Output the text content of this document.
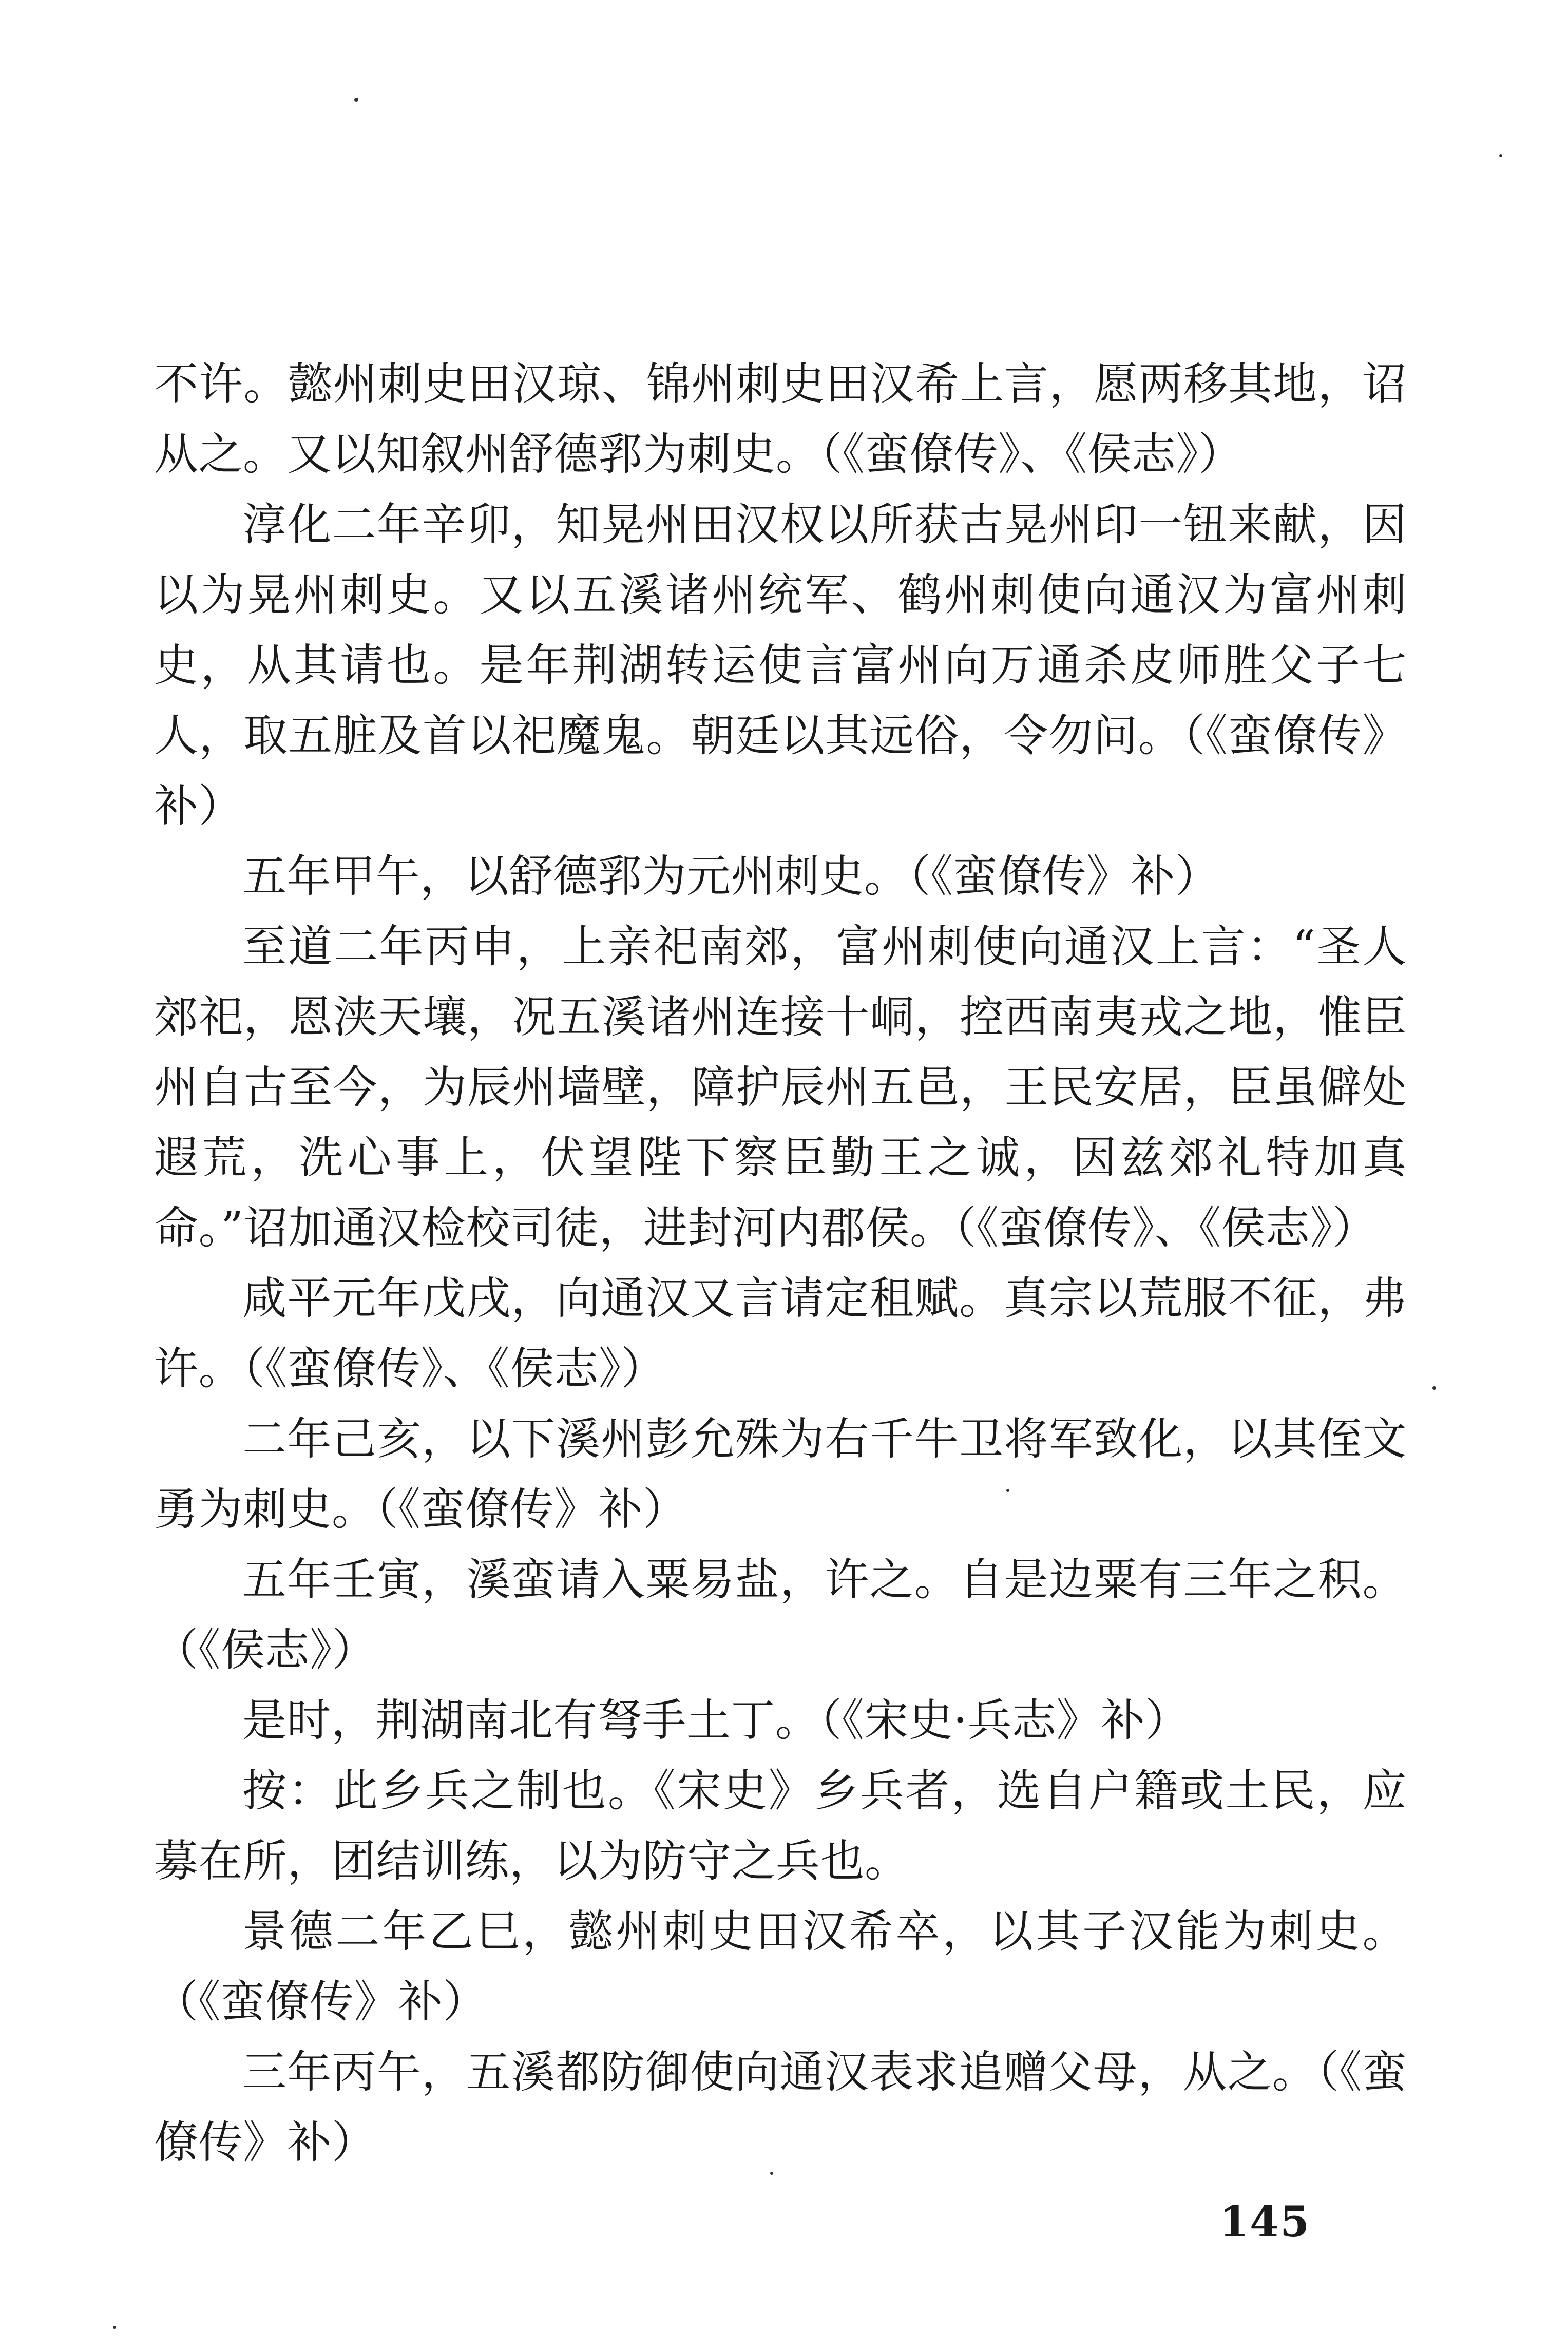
不许。懿州刺史田汉琼、锦州刺史田汉希上言，愿两移其地，诏从之。又以知叙州舒德郛为刺史。（《蛮僚传》、《侯志》）

淳化二年辛卯，知晃州田汉权以所获古晃州印一钮来献，因以为晃州刺史。又以五溪诸州统军、鹤州刺使向通汉为富州刺史，从其请也。是年荆湖转运使言富州向万通杀皮师胜父子七人，取五脏及首以祀魔鬼。朝廷以其远俗，令勿问。（《蛮僚传》补）

五年甲午，以舒德郛为元州刺史。（《蛮僚传》补）

至道二年丙申，上亲祀南郊，富州刺使向通汉上言：“圣人郊祀，恩浃天壤，况五溪诸州连接十峒，控西南夷戎之地，惟臣州自古至今，为辰州墙壁，障护辰州五邑，王民安居，臣虽僻处遐荒，洗心事上，伏望陛下察臣勤王之诚，因兹郊礼特加真命。”诏加通汉检校司徒，进封河内郡侯。（《蛮僚传》、《侯志》）

咸平元年戊戌，向通汉又言请定租赋。真宗以荒服不征，弗许。（《蛮僚传》、《侯志》）

二年己亥，以下溪州彭允殊为右千牛卫将军致化，以其侄文勇为刺史。（《蛮僚传》补）

五年壬寅，溪蛮请入粟易盐，许之。自是边粟有三年之积。（《侯志》）

是时，荆湖南北有弩手土丁。（《宋史·兵志》补）

按：此乡兵之制也。《宋史》乡兵者，选自户籍或土民，应募在所，团结训练，以为防守之兵也。

景德二年乙巳，懿州刺史田汉希卒，以其子汉能为刺史。（《蛮僚传》补）

三年丙午，五溪都防御使向通汉表求追赠父母，从之。（《蛮僚传》补）

145
